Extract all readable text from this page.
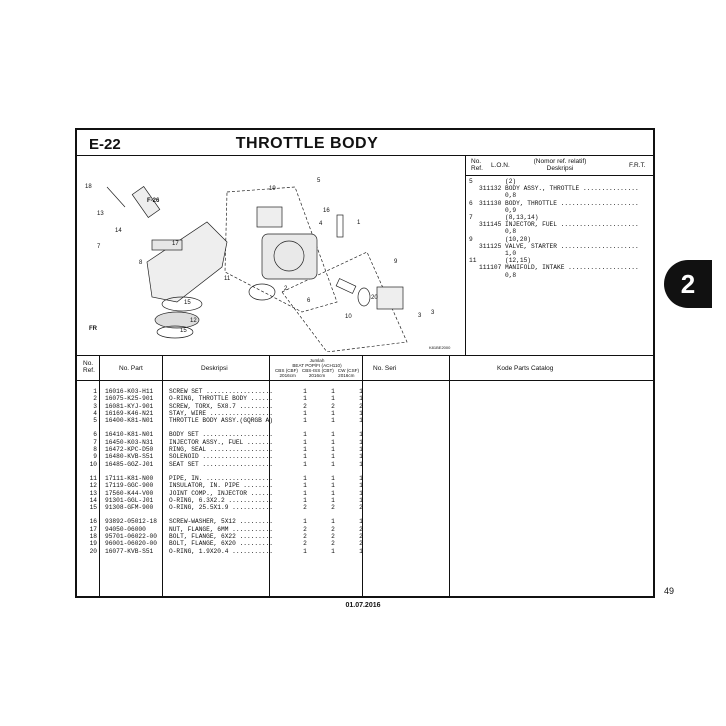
E-22	THROTTLE BODY
18
F-26
13
14
7
8
17
19
5
16
4	1
2
11
15
12
15
6
9
20
10	3 3
FR
K81BE2000
No.
Ref. L.O.N.
(Nomor ref. relatif)
Deskripsi	F.R.T.
5	(2)
311132 BODY ASSY., THROTTLE ............... 0,8
6	311130 BODY, THROTTLE ..................... 0,9
7	(8,13,14)
311145 INJECTOR, FUEL ..................... 0,8
9	(10,20)
311125 VALVE, STARTER ..................... 1,0
11	(12,15)
111107 MANIFOLD, INTAKE ................... 0,8
No.
Ref.	No. Part	Deskripsi
Jumlah
BEAT POP/FI (ACH110)
CBS (CBF) CBS-ISS (CBT) CW (CSF)
2016cm	2016cm	2016cm
No. Seri	Kode Parts Catalog
1	16016-K03-H11	SCREW SET ..................	1	1	1
2	16075-K25-901	O-RING, THROTTLE BODY ......	1	1	1
3	16081-KYJ-901	SCREW, TORX, 5X8.7 .........	2	2	2
4	16169-K46-N21	STAY, WIRE .................	1	1	1
5	16400-K81-N01	THROTTLE BODY ASSY.(GQRGB A)	1	1	1
6	16410-K81-N01	BODY SET ...................	1	1	1
7	16450-K03-N31	INJECTOR ASSY., FUEL .......	1	1	1
8	16472-KPC-D50	RING, SEAL .................	1	1	1
9	16480-KVB-S51	SOLENOID ...................	1	1	1
10	16485-GGZ-J01	SEAT SET ...................	1	1	1
11	17111-K81-N00	PIPE, IN. ..................	1	1	1
12	17119-GGC-900	INSULATOR, IN. PIPE ........	1	1	1
13	17560-K44-V00	JOINT COMP., INJECTOR ......	1	1	1
14	91301-GGL-J01	O-RING, 6.3X2.2 ............	1	1	1
15	91308-GFM-900	O-RING, 25.5X1.9 ...........	2	2	2
16	93892-05012-18	SCREW-WASHER, 5X12 .........	1	1	1
17	94050-06000	NUT, FLANGE, 6MM ...........	2	2	2
18	95701-06022-00	BOLT, FLANGE, 6X22 .........	2	2	2
19	96001-06020-00	BOLT, FLANGE, 6X20 .........	2	2	2
20	16077-KVB-S51	O-RING, 1.9X20.4 ...........	1	1	1
2
49
01.07.2016
